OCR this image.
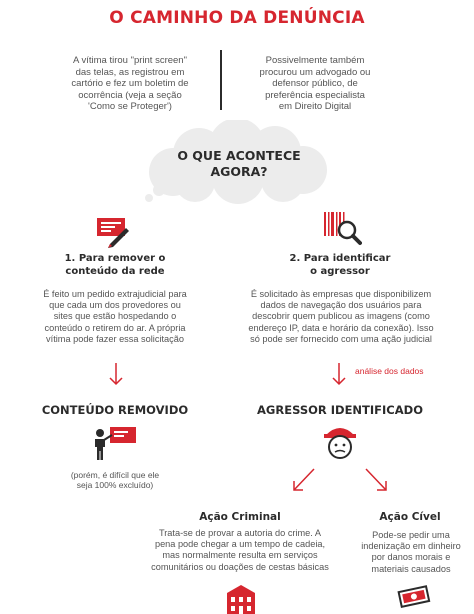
O CAMINHO DA DENÚNCIA
A vítima tirou "print screen"
das telas, as registrou em
cartório e fez um boletim de
ocorrência (veja a seção
'Como se Proteger')
Possivelmente também
procurou um advogado ou
defensor público, de
preferência especialista
em Direito Digital
O QUE ACONTECE
AGORA?
1. Para remover o
conteúdo da rede
É feito um pedido extrajudicial para
que cada um dos provedores ou
sites que estão hospedando o
conteúdo o retirem do ar. A própria
vítima pode fazer essa solicitação
2. Para identificar
o agressor
É solicitado às empresas que disponibilizem
dados de navegação dos usuários para
descobrir quem publicou as imagens (como
endereço IP, data e horário da conexão). Isso
só pode ser fornecido com uma ação judicial
análise dos dados
CONTEÚDO REMOVIDO	AGRESSOR IDENTIFICADO
(porém, é difícil que ele
seja 100% excluído)
Ação Criminal
Trata-se de provar a autoria do crime. A
pena pode chegar a um tempo de cadeia,
mas normalmente resulta em serviços
comunitários ou doações de cestas básicas
Ação Cível
Pode-se pedir uma
indenização em dinheiro
por danos morais e
materiais causados
